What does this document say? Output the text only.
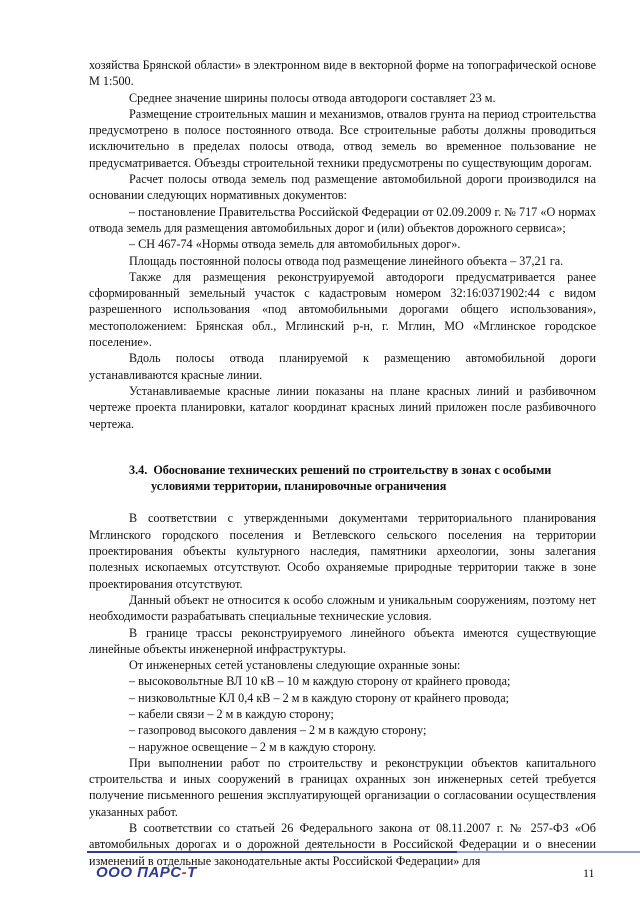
хозяйства Брянской области» в электронном виде в векторной форме на топографической основе М 1:500.

Среднее значение ширины полосы отвода автодороги составляет 23 м.

Размещение строительных машин и механизмов, отвалов грунта на период строительства предусмотрено в полосе постоянного отвода. Все строительные работы должны проводиться исключительно в пределах полосы отвода, отвод земель во временное пользование не предусматривается. Объезды строительной техники предусмотрены по существующим дорогам.

Расчет полосы отвода земель под размещение автомобильной дороги производился на основании следующих нормативных документов:

– постановление Правительства Российской Федерации от 02.09.2009 г. № 717 «О нормах отвода земель для размещения автомобильных дорог и (или) объектов дорожного сервиса»;

– СН 467-74 «Нормы отвода земель для автомобильных дорог».

Площадь постоянной полосы отвода под размещение линейного объекта – 37,21 га.

Также для размещения реконструируемой автодороги предусматривается ранее сформированный земельный участок с кадастровым номером 32:16:0371902:44 с видом разрешенного использования «под автомобильными дорогами общего использования», местоположением: Брянская обл., Мглинский р-н, г. Мглин, МО «Мглинское городское поселение».

Вдоль полосы отвода планируемой к размещению автомобильной дороги устанавливаются красные линии.

Устанавливаемые красные линии показаны на плане красных линий и разбивочном чертеже проекта планировки, каталог координат красных линий приложен после разбивочного чертежа.

3.4. Обоснование технических решений по строительству в зонах с особыми
условиями территории, планировочные ограничения

В соответствии с утвержденными документами территориального планирования Мглинского городского поселения и Ветлевского сельского поселения на территории проектирования объекты культурного наследия, памятники археологии, зоны залегания полезных ископаемых отсутствуют. Особо охраняемые природные территории также в зоне проектирования отсутствуют.

Данный объект не относится к особо сложным и уникальным сооружениям, поэтому нет необходимости разрабатывать специальные технические условия.

В границе трассы реконструируемого линейного объекта имеются существующие линейные объекты инженерной инфраструктуры.

От инженерных сетей установлены следующие охранные зоны:

– высоковольтные ВЛ 10 кВ – 10 м каждую сторону от крайнего провода;

– низковольтные КЛ 0,4 кВ – 2 м в каждую сторону от крайнего провода;

– кабели связи – 2 м в каждую сторону;

– газопровод высокого давления – 2 м в каждую сторону;

– наружное освещение – 2 м в каждую сторону.

При выполнении работ по строительству и реконструкции объектов капитального строительства и иных сооружений в границах охранных зон инженерных сетей требуется получение письменного решения эксплуатирующей организации о согласовании осуществления указанных работ.

В соответствии со статьей 26 Федерального закона от 08.11.2007 г. № 257-ФЗ «Об автомобильных дорогах и о дорожной деятельности в Российской Федерации и о внесении изменений в отдельные законодательные акты Российской Федерации» для

ООО ПАРС-Т	11
